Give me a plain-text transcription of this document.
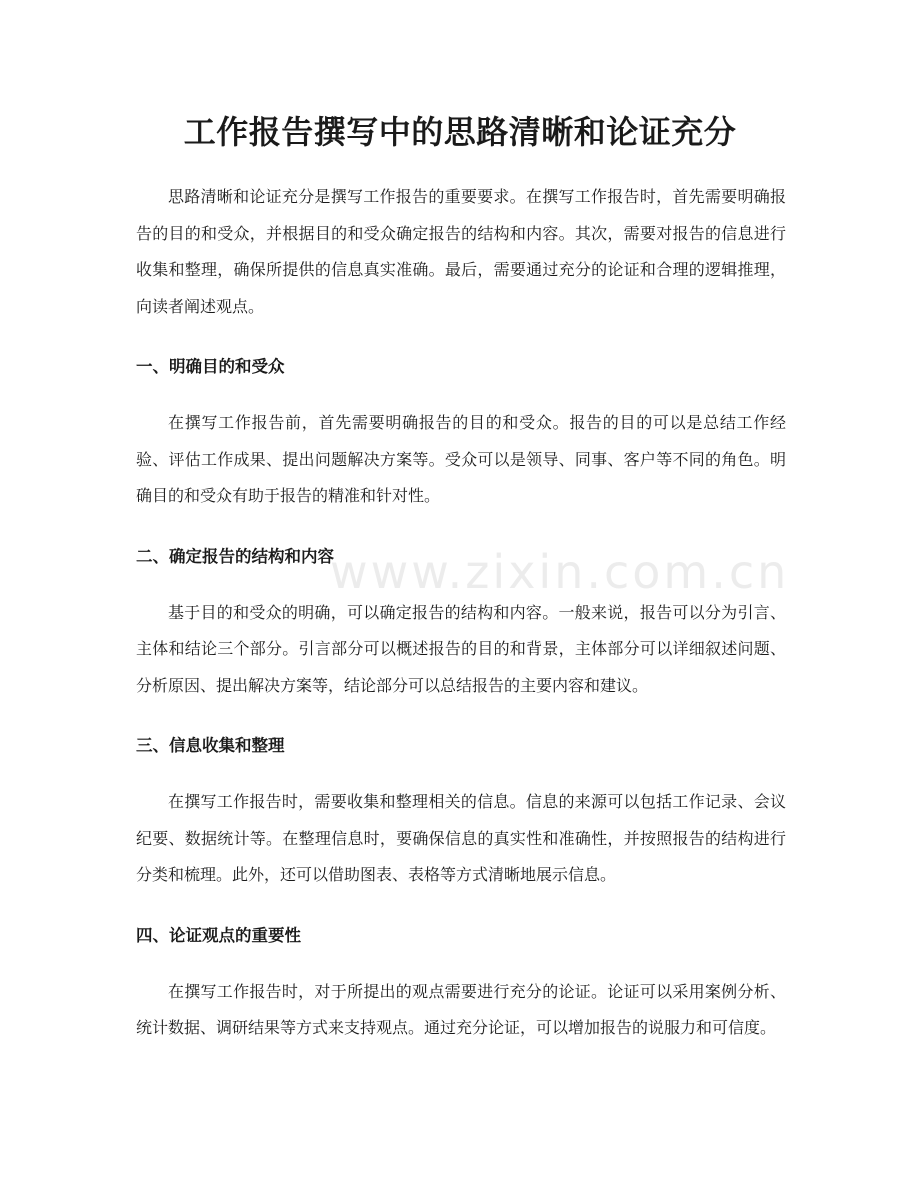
工作报告撰写中的思路清晰和论证充分
www.zixin.com.cn

思路清晰和论证充分是撰写工作报告的重要要求。在撰写工作报告时，首先需要明确报告的目的和受众，并根据目的和受众确定报告的结构和内容。其次，需要对报告的信息进行收集和整理，确保所提供的信息真实准确。最后，需要通过充分的论证和合理的逻辑推理，向读者阐述观点。

一、明确目的和受众

在撰写工作报告前，首先需要明确报告的目的和受众。报告的目的可以是总结工作经验、评估工作成果、提出问题解决方案等。受众可以是领导、同事、客户等不同的角色。明确目的和受众有助于报告的精准和针对性。

二、确定报告的结构和内容

基于目的和受众的明确，可以确定报告的结构和内容。一般来说，报告可以分为引言、主体和结论三个部分。引言部分可以概述报告的目的和背景，主体部分可以详细叙述问题、分析原因、提出解决方案等，结论部分可以总结报告的主要内容和建议。

三、信息收集和整理

在撰写工作报告时，需要收集和整理相关的信息。信息的来源可以包括工作记录、会议纪要、数据统计等。在整理信息时，要确保信息的真实性和准确性，并按照报告的结构进行分类和梳理。此外，还可以借助图表、表格等方式清晰地展示信息。

四、论证观点的重要性

在撰写工作报告时，对于所提出的观点需要进行充分的论证。论证可以采用案例分析、统计数据、调研结果等方式来支持观点。通过充分论证，可以增加报告的说服力和可信度。
